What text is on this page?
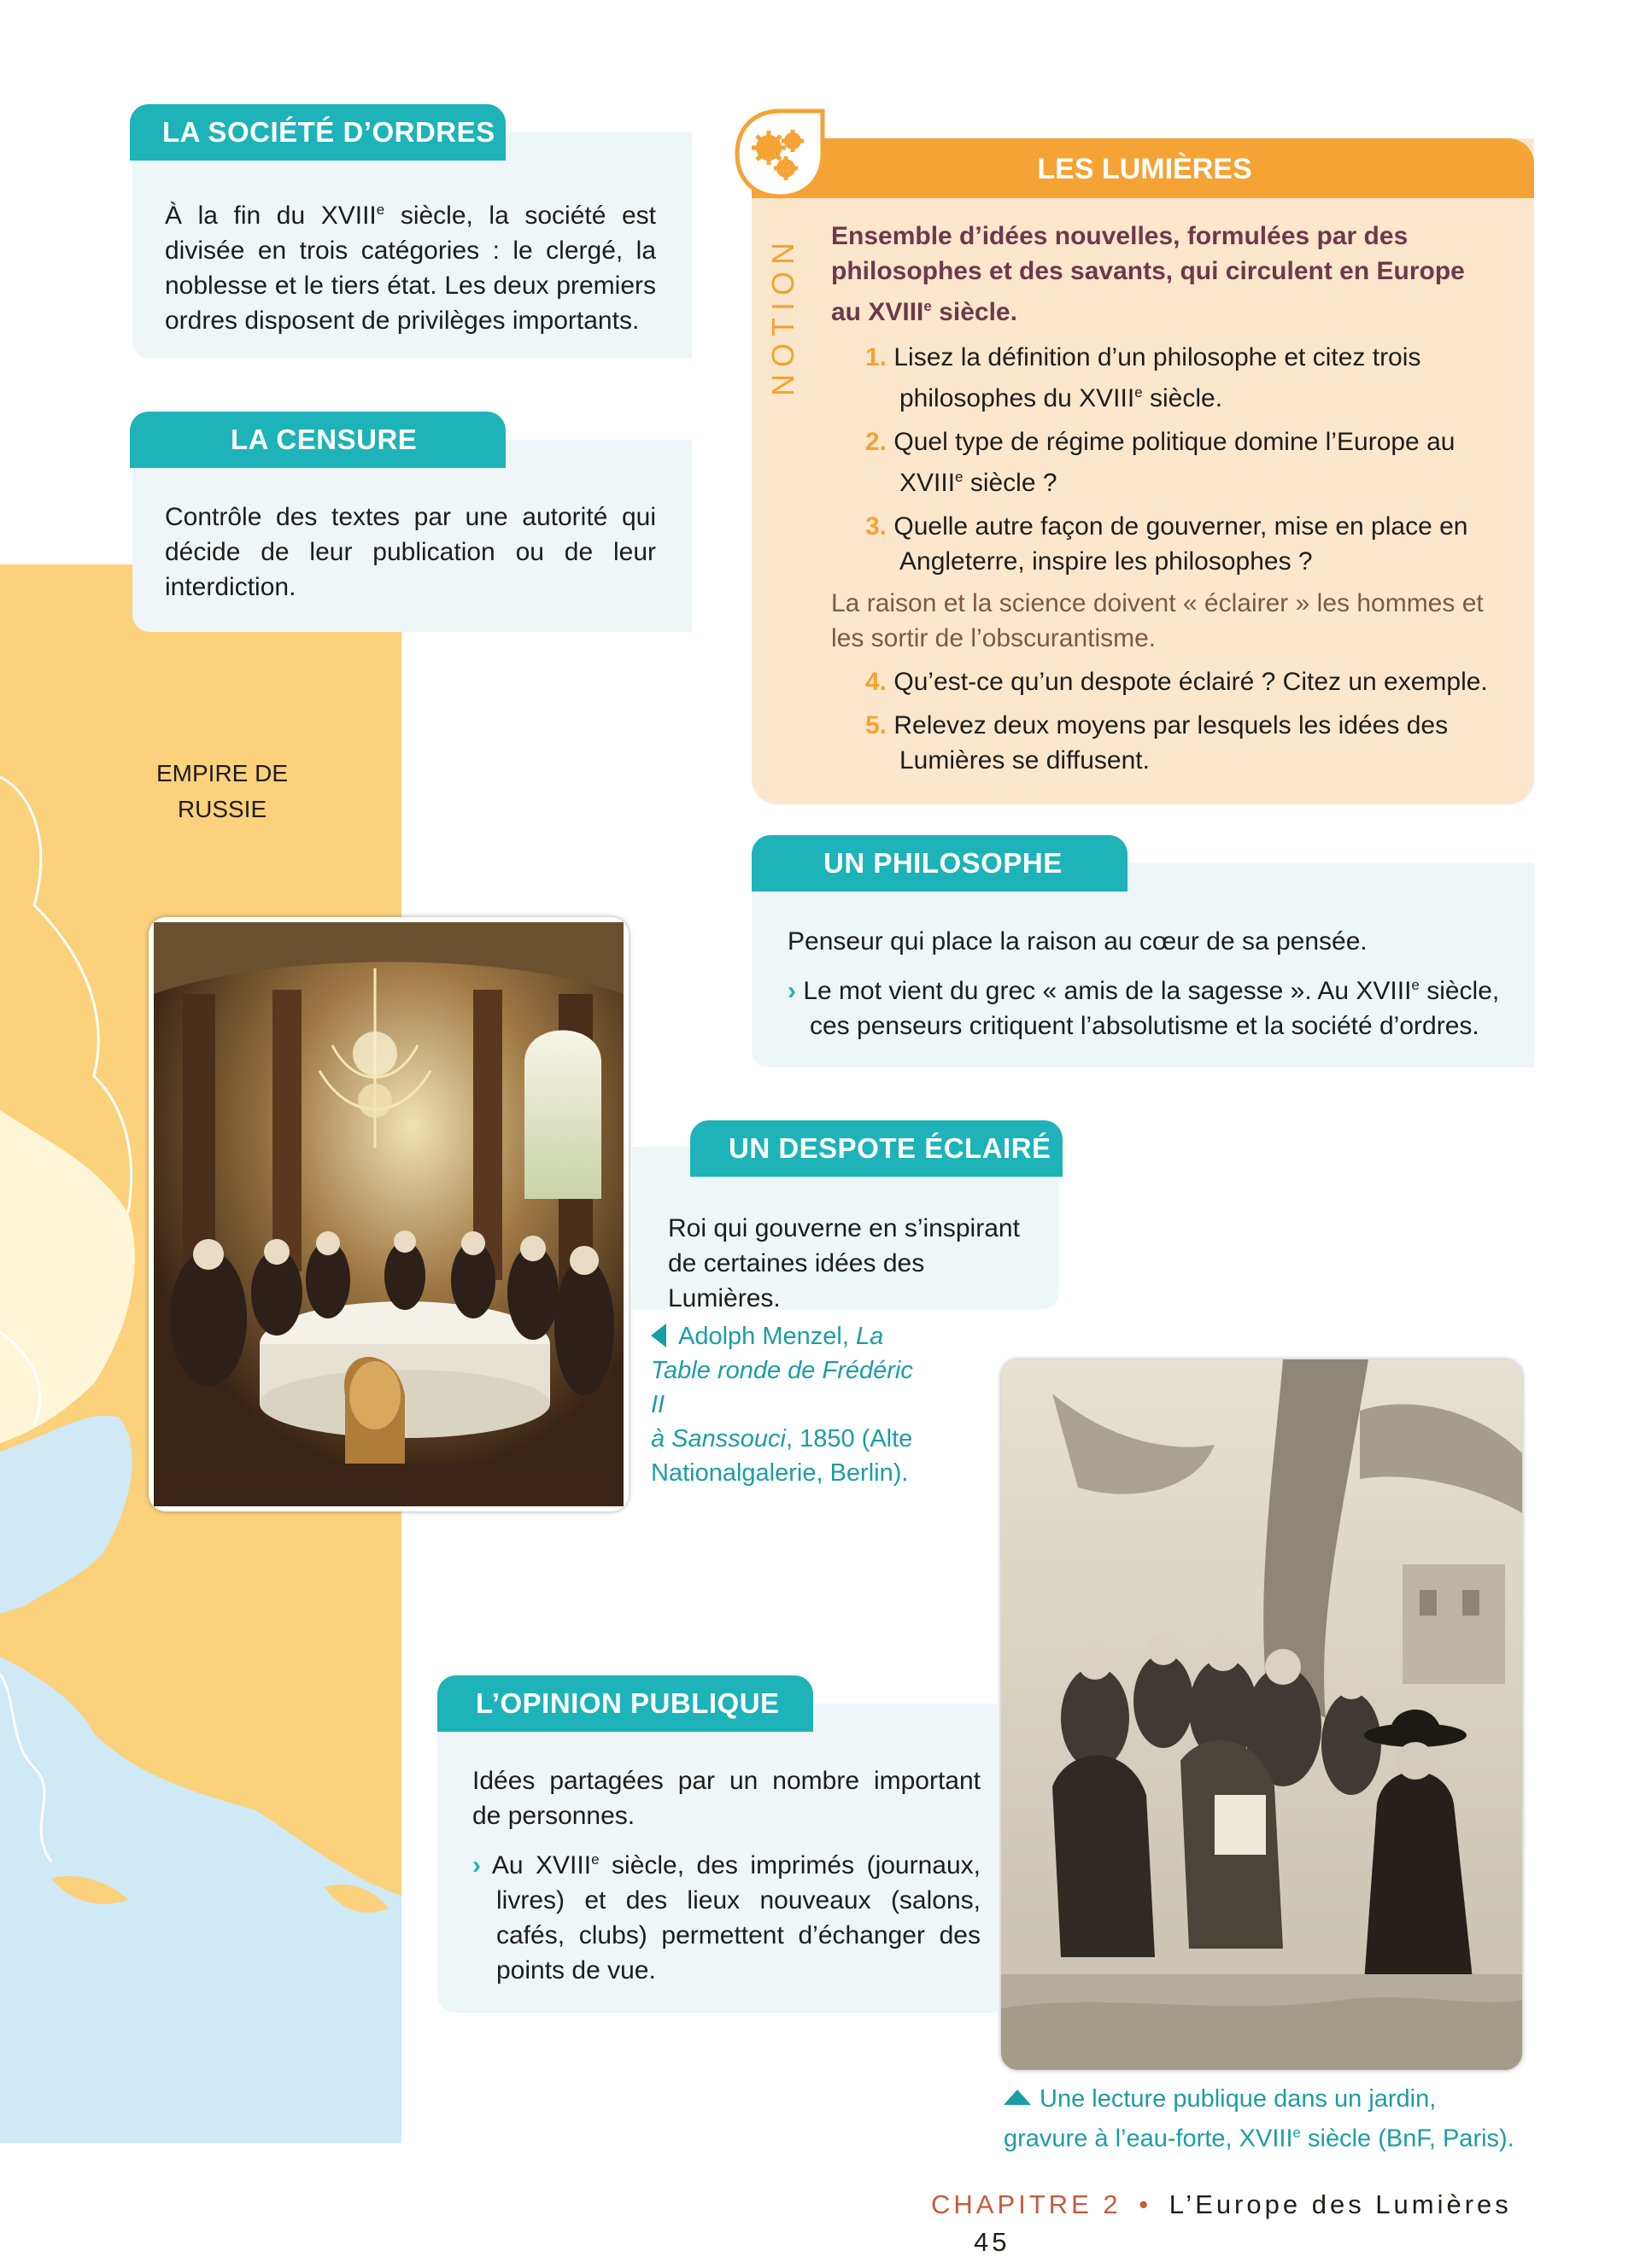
EMPIRE DE
RUSSIE
LA SOCIÉTÉ D’ORDRES
À la fin du XVIIIe siècle, la société est
divisée en trois catégories : le clergé, la
noblesse et le tiers état. Les deux premiers
ordres disposent de privilèges importants.
LA CENSURE
Contrôle des textes par une autorité qui
décide de leur publication ou de leur
interdiction.
LES LUMIÈRES
NOTION Ensemble d’idées nouvelles, formulées par des
philosophes et des savants, qui circulent en Europe
au XVIIIe siècle.
1. Lisez la définition d’un philosophe et citez trois
philosophes du XVIIIe siècle.
2. Quel type de régime politique domine l’Europe au
XVIIIe siècle ?
3. Quelle autre façon de gouverner, mise en place en
Angleterre, inspire les philosophes ?
La raison et la science doivent « éclairer » les hommes et
les sortir de l’obscurantisme.
4. Qu’est-ce qu’un despote éclairé ? Citez un exemple.
5. Relevez deux moyens par lesquels les idées des
Lumières se diffusent.
UN PHILOSOPHE
Penseur qui place la raison au cœur de sa pensée.
› Le mot vient du grec « amis de la sagesse ». Au XVIIIe siècle,
ces penseurs critiquent l’absolutisme et la société d’ordres.
UN DESPOTE ÉCLAIRÉ
Roi qui gouverne en s’inspirant
de certaines idées des Lumières.
Adolph Menzel, La
Table ronde de Frédéric II
à Sanssouci, 1850 (Alte
Nationalgalerie, Berlin).
Une lecture publique dans un jardin,
gravure à l’eau-forte, XVIIIe siècle (BnF, Paris).
L’OPINION PUBLIQUE
Idées partagées par un nombre important
de personnes.
› Au XVIIIe siècle, des imprimés (journaux,
livres) et des lieux nouveaux (salons,
cafés, clubs) permettent d’échanger des
points de vue.
CHAPITRE 2 • L’Europe des Lumières 45
